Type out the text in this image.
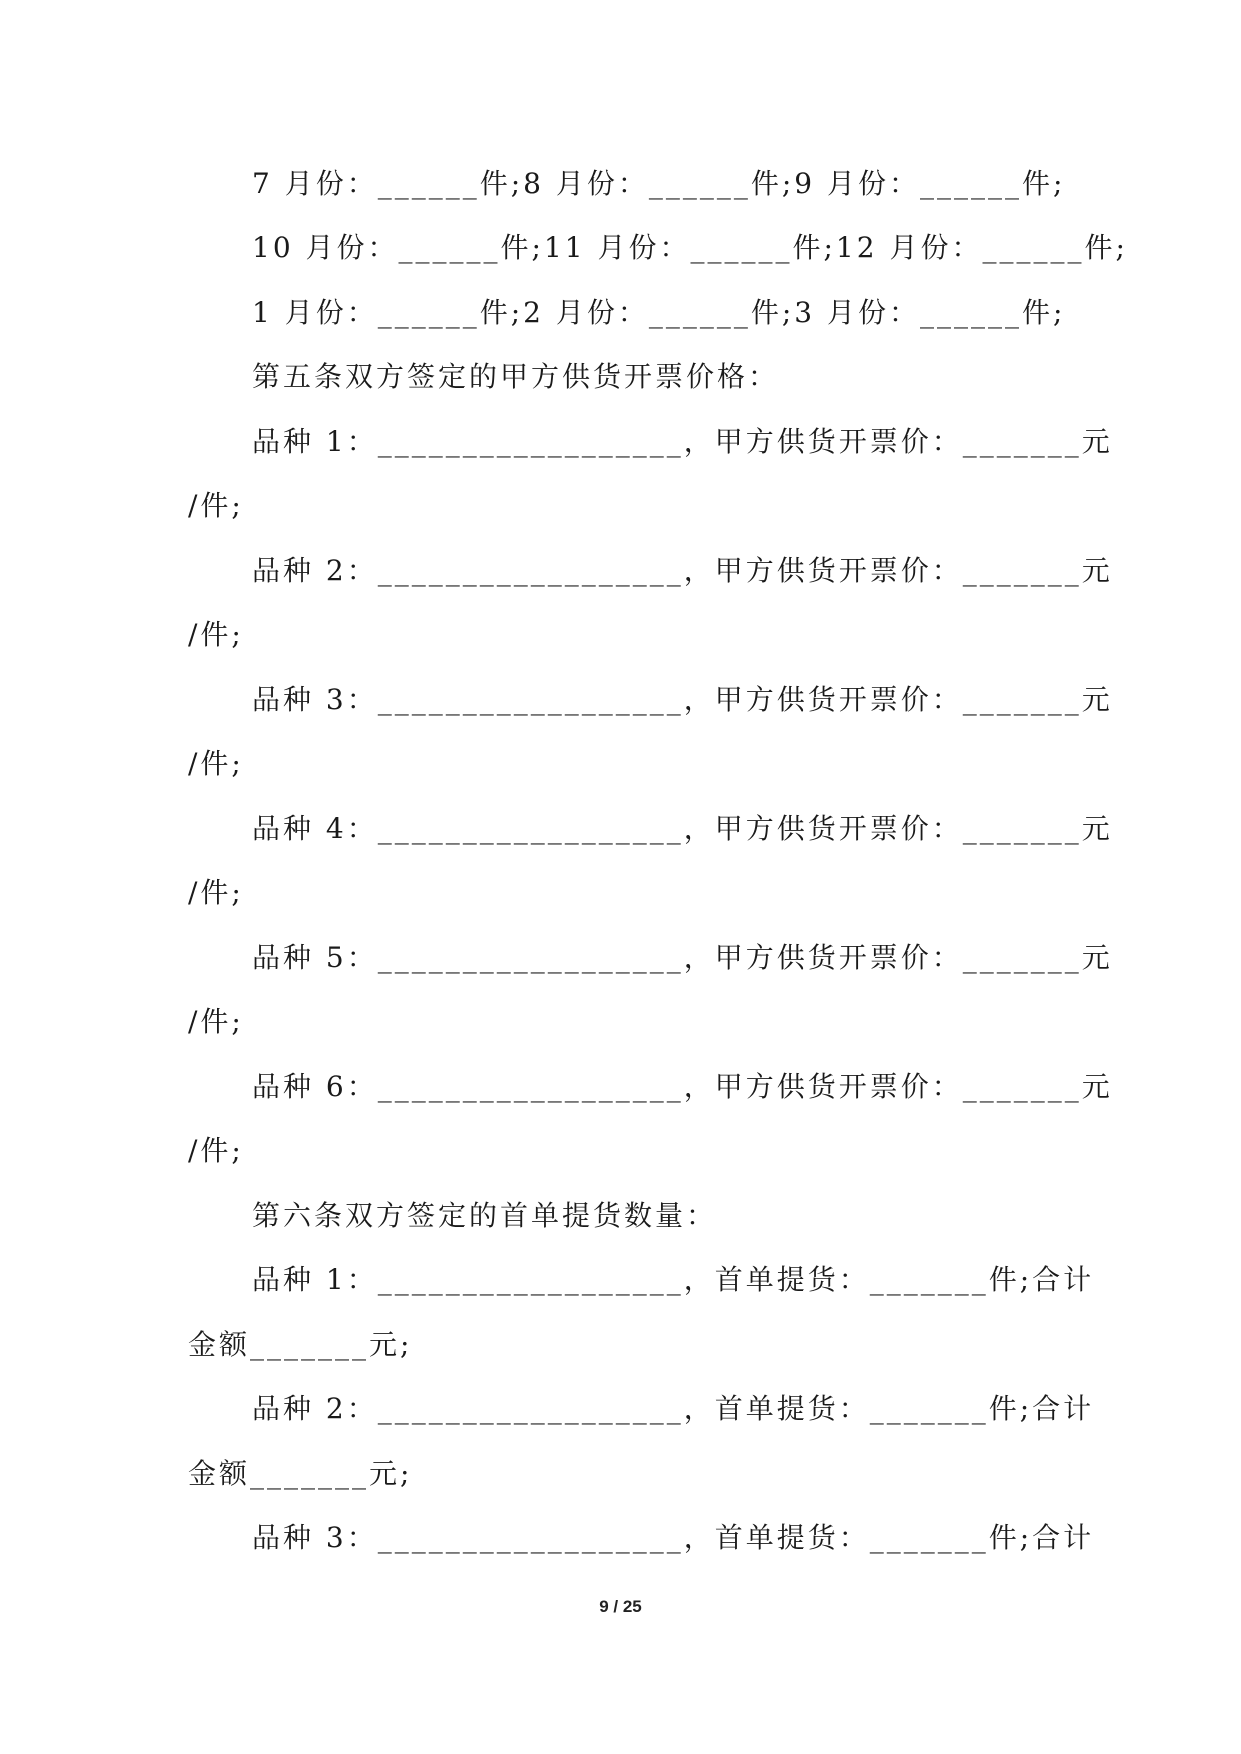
7 月份：______件;8 月份：______件;9 月份：______件;
10 月份：______件;11 月份：______件;12 月份：______件;
1 月份：______件;2 月份：______件;3 月份：______件;
第五条双方签定的甲方供货开票价格：
品种 1：__________________，甲方供货开票价：_______元
/件;
品种 2：__________________，甲方供货开票价：_______元
/件;
品种 3：__________________，甲方供货开票价：_______元
/件;
品种 4：__________________，甲方供货开票价：_______元
/件;
品种 5：__________________，甲方供货开票价：_______元
/件;
品种 6：__________________，甲方供货开票价：_______元
/件;
第六条双方签定的首单提货数量：
品种 1：__________________，首单提货：_______件;合计
金额_______元;
品种 2：__________________，首单提货：_______件;合计
金额_______元;
品种 3：__________________，首单提货：_______件;合计
9 / 25
